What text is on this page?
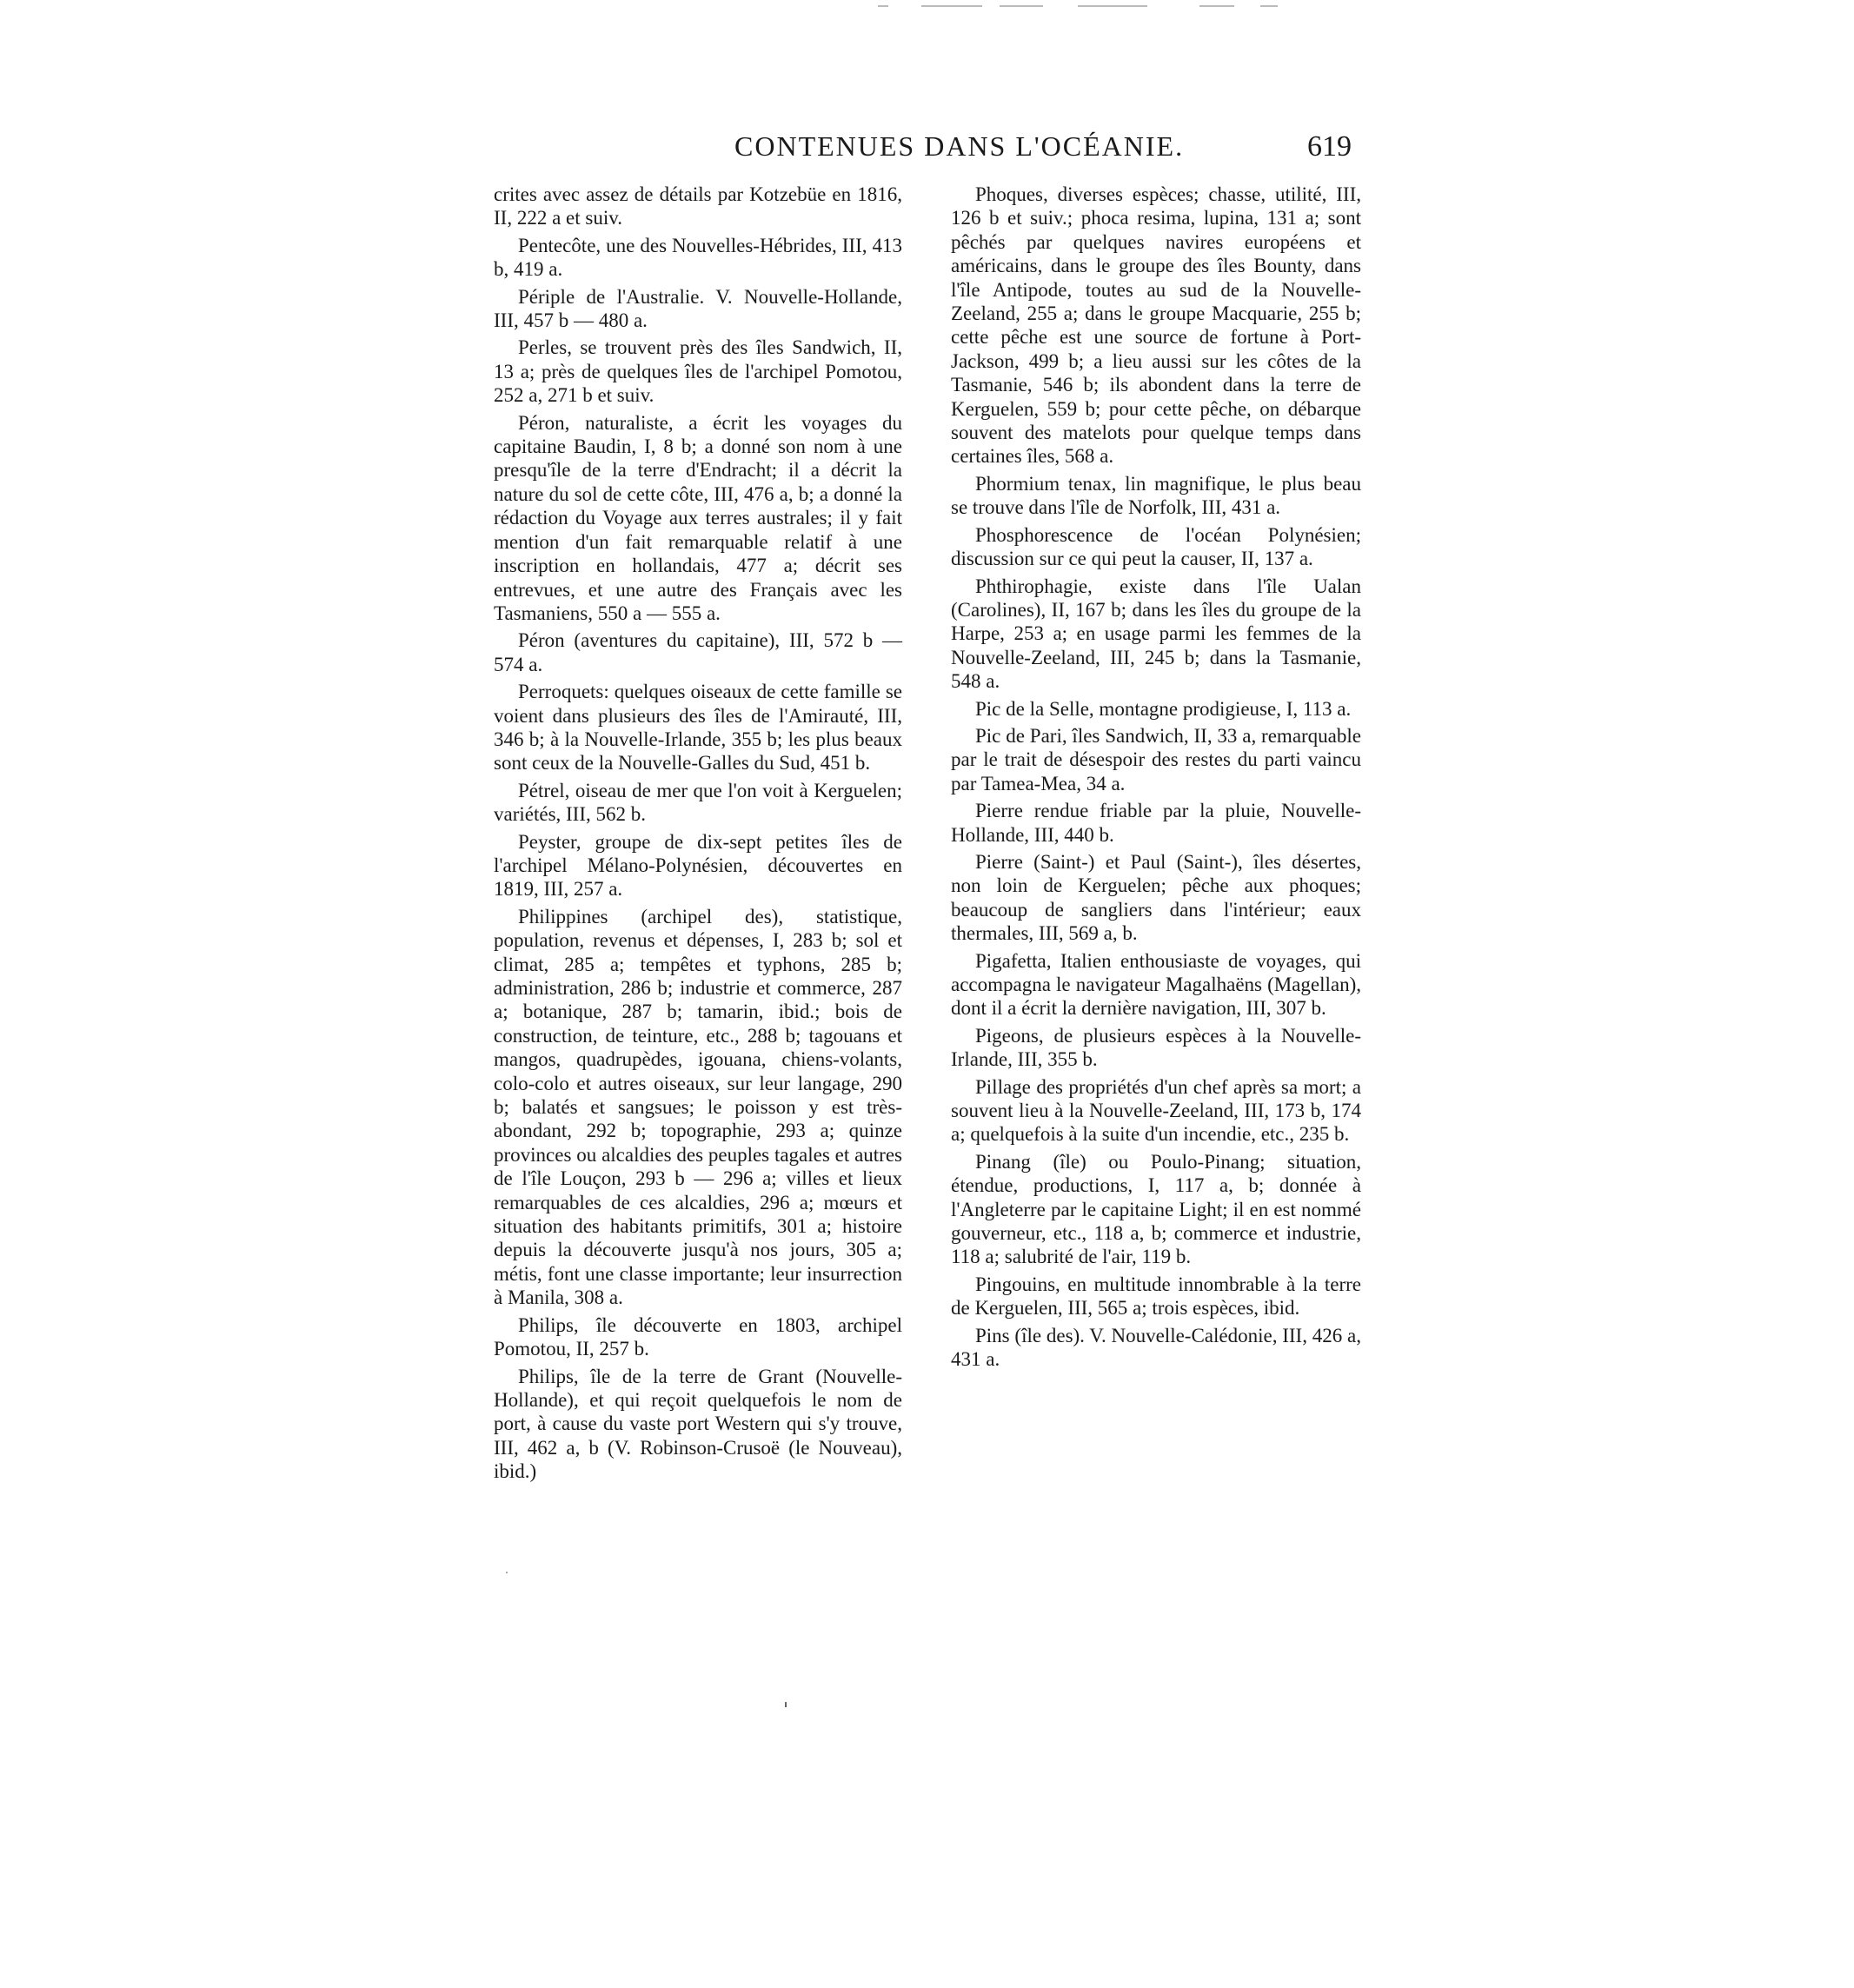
CONTENUES DANS L'OCÉANIE.	619

crites avec assez de détails par Kotzebüe en 1816, II, 222 a et suiv.

Pentecôte, une des Nouvelles-Hébrides, III, 413 b, 419 a.

Périple de l'Australie. V. Nouvelle-Hollande, III, 457 b — 480 a.

Perles, se trouvent près des îles Sandwich, II, 13 a; près de quelques îles de l'archipel Pomotou, 252 a, 271 b et suiv.

Péron, naturaliste, a écrit les voyages du capitaine Baudin, I, 8 b; a donné son nom à une presqu'île de la terre d'Endracht; il a décrit la nature du sol de cette côte, III, 476 a, b; a donné la rédaction du Voyage aux terres australes; il y fait mention d'un fait remarquable relatif à une inscription en hollandais, 477 a; décrit ses entrevues, et une autre des Français avec les Tasmaniens, 550 a — 555 a.

Péron (aventures du capitaine), III, 572 b — 574 a.

Perroquets: quelques oiseaux de cette famille se voient dans plusieurs des îles de l'Amirauté, III, 346 b; à la Nouvelle-Irlande, 355 b; les plus beaux sont ceux de la Nouvelle-Galles du Sud, 451 b.

Pétrel, oiseau de mer que l'on voit à Kerguelen; variétés, III, 562 b.

Peyster, groupe de dix-sept petites îles de l'archipel Mélano-Polynésien, découvertes en 1819, III, 257 a.

Philippines (archipel des), statistique, population, revenus et dépenses, I, 283 b; sol et climat, 285 a; tempêtes et typhons, 285 b; administration, 286 b; industrie et commerce, 287 a; botanique, 287 b; tamarin, ibid.; bois de construction, de teinture, etc., 288 b; tagouans et mangos, quadrupèdes, igouana, chiens-volants, colo-colo et autres oiseaux, sur leur langage, 290 b; balatés et sangsues; le poisson y est très-abondant, 292 b; topographie, 293 a; quinze provinces ou alcaldies des peuples tagales et autres de l'île Louçon, 293 b — 296 a; villes et lieux remarquables de ces alcaldies, 296 a; mœurs et situation des habitants primitifs, 301 a; histoire depuis la découverte jusqu'à nos jours, 305 a; métis, font une classe importante; leur insurrection à Manila, 308 a.

Philips, île découverte en 1803, archipel Pomotou, II, 257 b.

Philips, île de la terre de Grant (Nouvelle-Hollande), et qui reçoit quelquefois le nom de port, à cause du vaste port Western qui s'y trouve, III, 462 a, b (V. Robinson-Crusoë (le Nouveau), ibid.)

Phoques, diverses espèces; chasse, utilité, III, 126 b et suiv.; phoca resima, lupina, 131 a; sont pêchés par quelques navires européens et américains, dans le groupe des îles Bounty, dans l'île Antipode, toutes au sud de la Nouvelle-Zeeland, 255 a; dans le groupe Macquarie, 255 b; cette pêche est une source de fortune à Port-Jackson, 499 b; a lieu aussi sur les côtes de la Tasmanie, 546 b; ils abondent dans la terre de Kerguelen, 559 b; pour cette pêche, on débarque souvent des matelots pour quelque temps dans certaines îles, 568 a.

Phormium tenax, lin magnifique, le plus beau se trouve dans l'île de Norfolk, III, 431 a.

Phosphorescence de l'océan Polynésien; discussion sur ce qui peut la causer, II, 137 a.

Phthirophagie, existe dans l'île Ualan (Carolines), II, 167 b; dans les îles du groupe de la Harpe, 253 a; en usage parmi les femmes de la Nouvelle-Zeeland, III, 245 b; dans la Tasmanie, 548 a.

Pic de la Selle, montagne prodigieuse, I, 113 a.

Pic de Pari, îles Sandwich, II, 33 a, remarquable par le trait de désespoir des restes du parti vaincu par Tamea-Mea, 34 a.

Pierre rendue friable par la pluie, Nouvelle-Hollande, III, 440 b.

Pierre (Saint-) et Paul (Saint-), îles désertes, non loin de Kerguelen; pêche aux phoques; beaucoup de sangliers dans l'intérieur; eaux thermales, III, 569 a, b.

Pigafetta, Italien enthousiaste de voyages, qui accompagna le navigateur Magalhaëns (Magellan), dont il a écrit la dernière navigation, III, 307 b.

Pigeons, de plusieurs espèces à la Nouvelle-Irlande, III, 355 b.

Pillage des propriétés d'un chef après sa mort; a souvent lieu à la Nouvelle-Zeeland, III, 173 b, 174 a; quelquefois à la suite d'un incendie, etc., 235 b.

Pinang (île) ou Poulo-Pinang; situation, étendue, productions, I, 117 a, b; donnée à l'Angleterre par le capitaine Light; il en est nommé gouverneur, etc., 118 a, b; commerce et industrie, 118 a; salubrité de l'air, 119 b.

Pingouins, en multitude innombrable à la terre de Kerguelen, III, 565 a; trois espèces, ibid.

Pins (île des). V. Nouvelle-Calédonie, III, 426 a, 431 a.
